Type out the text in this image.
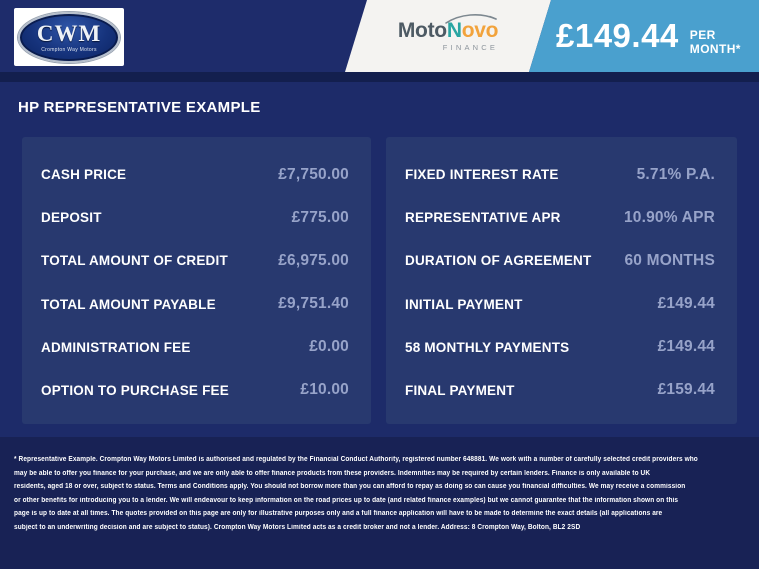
CWM
Crompton Way Motors
MotoNovo
FINANCE £149.44 PER MONTH*
HP REPRESENTATIVE EXAMPLE
CASH PRICE	£7,750.00
DEPOSIT	£775.00
TOTAL AMOUNT OF CREDIT	£6,975.00
TOTAL AMOUNT PAYABLE	£9,751.40
ADMINISTRATION FEE	£0.00
OPTION TO PURCHASE FEE	£10.00
FIXED INTEREST RATE	5.71% P.A.
REPRESENTATIVE APR	10.90% APR
DURATION OF AGREEMENT 60 MONTHS
INITIAL PAYMENT	£149.44
58 MONTHLY PAYMENTS	£149.44
FINAL PAYMENT	£159.44
* Representative Example. Crompton Way Motors Limited is authorised and regulated by the Financial Conduct Authority, registered number 648881. We work with a number of carefully selected credit providers who
may be able to offer you finance for your purchase, and we are only able to offer finance products from these providers. Indemnities may be required by certain lenders. Finance is only available to UK
residents, aged 18 or over, subject to status. Terms and Conditions apply. You should not borrow more than you can afford to repay as doing so can cause you financial difficulties. We may receive a commission
or other benefits for introducing you to a lender. We will endeavour to keep information on the road prices up to date (and related finance examples) but we cannot guarantee that the information shown on this
page is up to date at all times. The quotes provided on this page are only for illustrative purposes only and a full finance application will have to be made to determine the exact details (all applications are
subject to an underwriting decision and are subject to status). Crompton Way Motors Limited acts as a credit broker and not a lender. Address: 8 Crompton Way, Bolton, BL2 2SD
